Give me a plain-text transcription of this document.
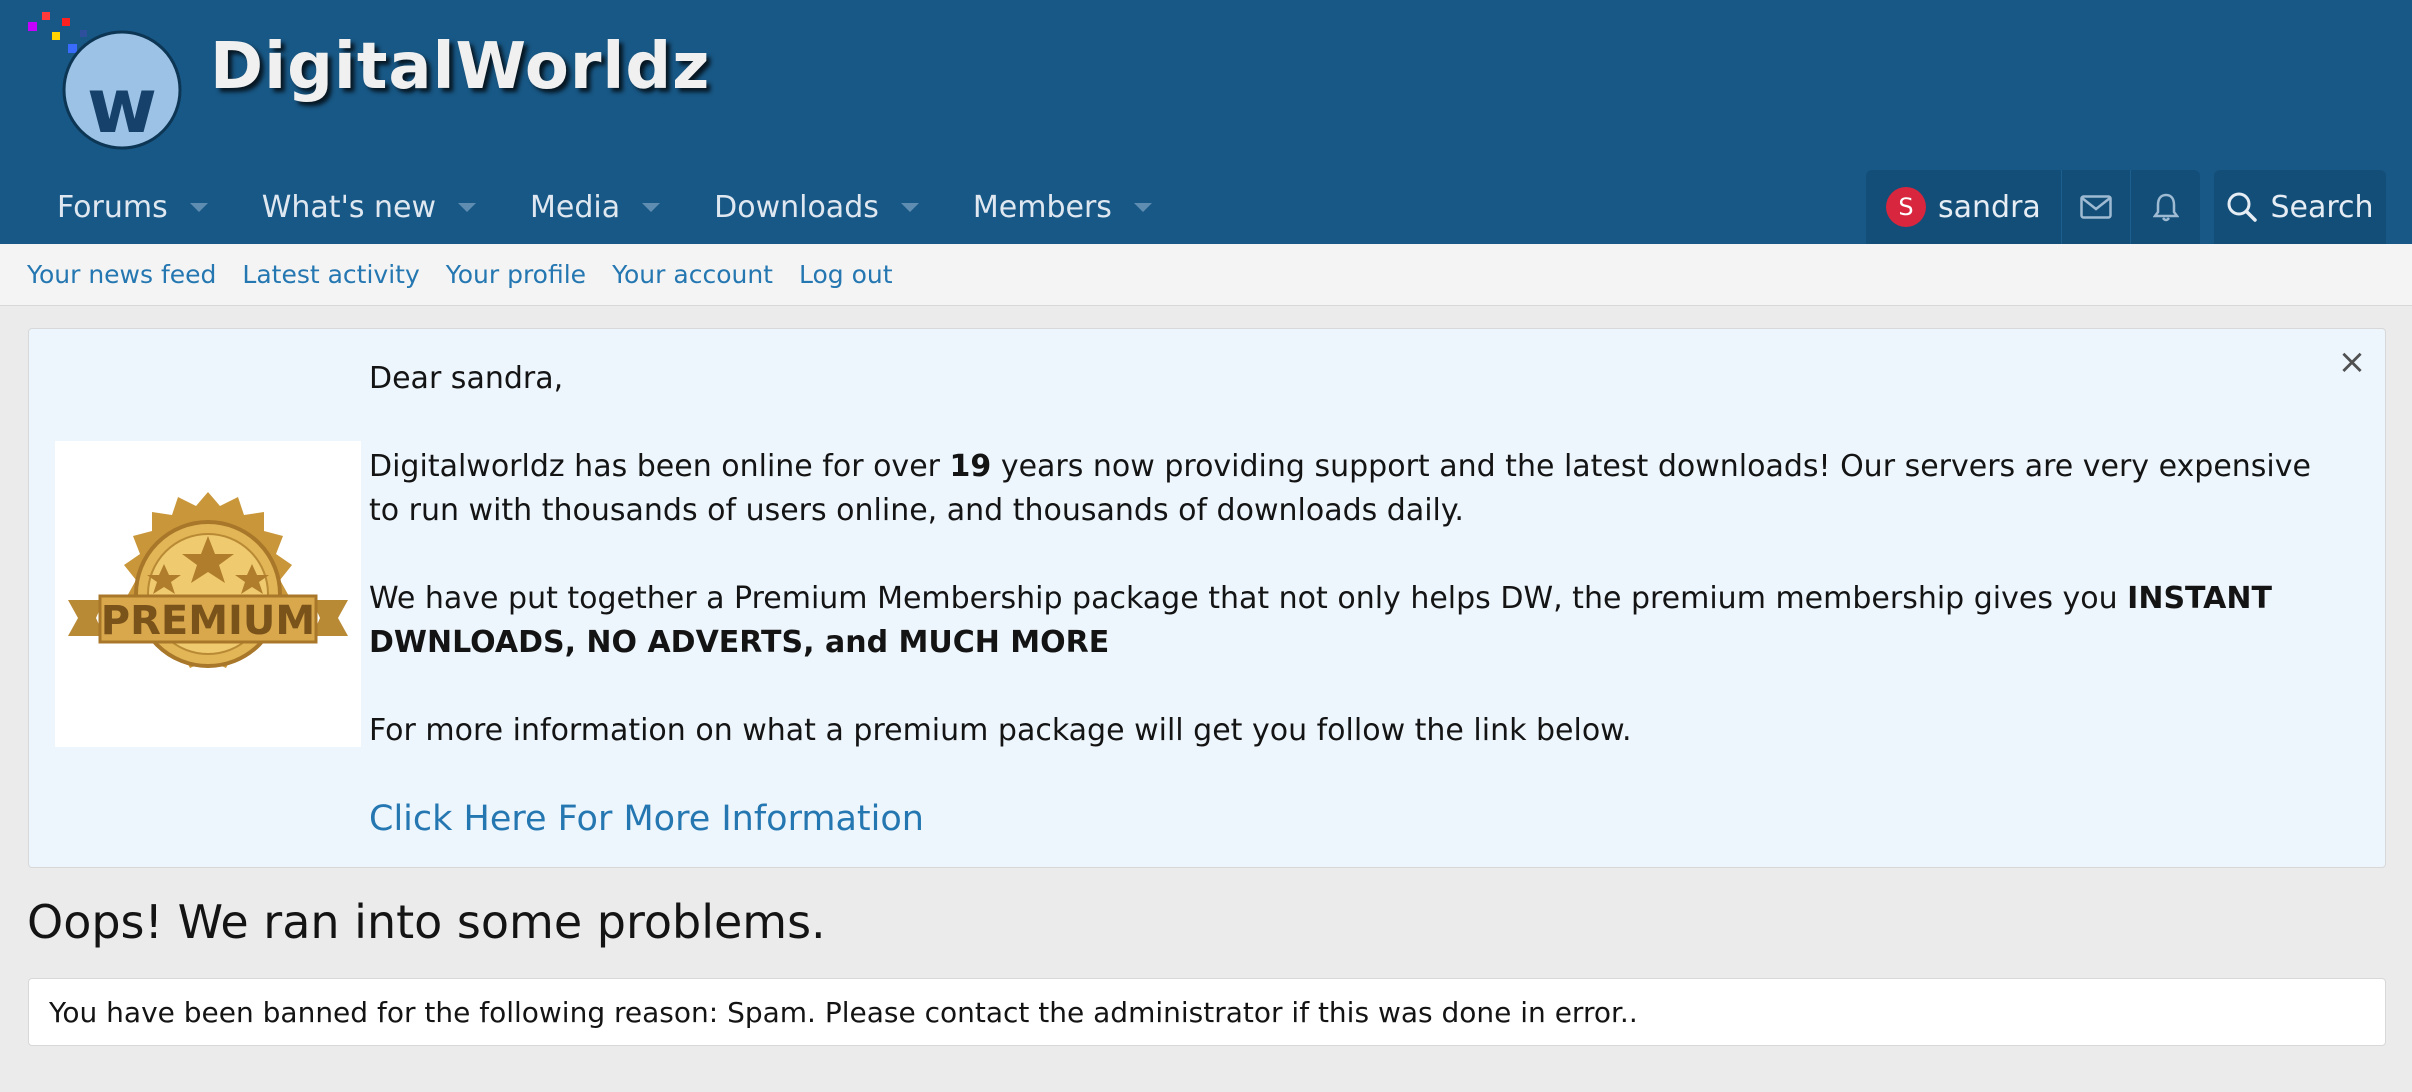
w DigitalWorldz
Forums	What's new	Media	Downloads	Members	S sandra	Search
Your news feed	Latest activity	Your profile	Your account	Log out
PREMIUM

Dear sandra,

Digitalworldz has been online for over 19 years now providing support and the latest downloads! Our servers are very expensive to run with thousands of users online, and thousands of downloads daily.

We have put together a Premium Membership package that not only helps DW, the premium membership gives you INSTANT DWNLOADS, NO ADVERTS, and MUCH MORE

For more information on what a premium package will get you follow the link below.

Click Here For More Information
×
Oops! We ran into some problems.
You have been banned for the following reason: Spam. Please contact the administrator if this was done in error..
